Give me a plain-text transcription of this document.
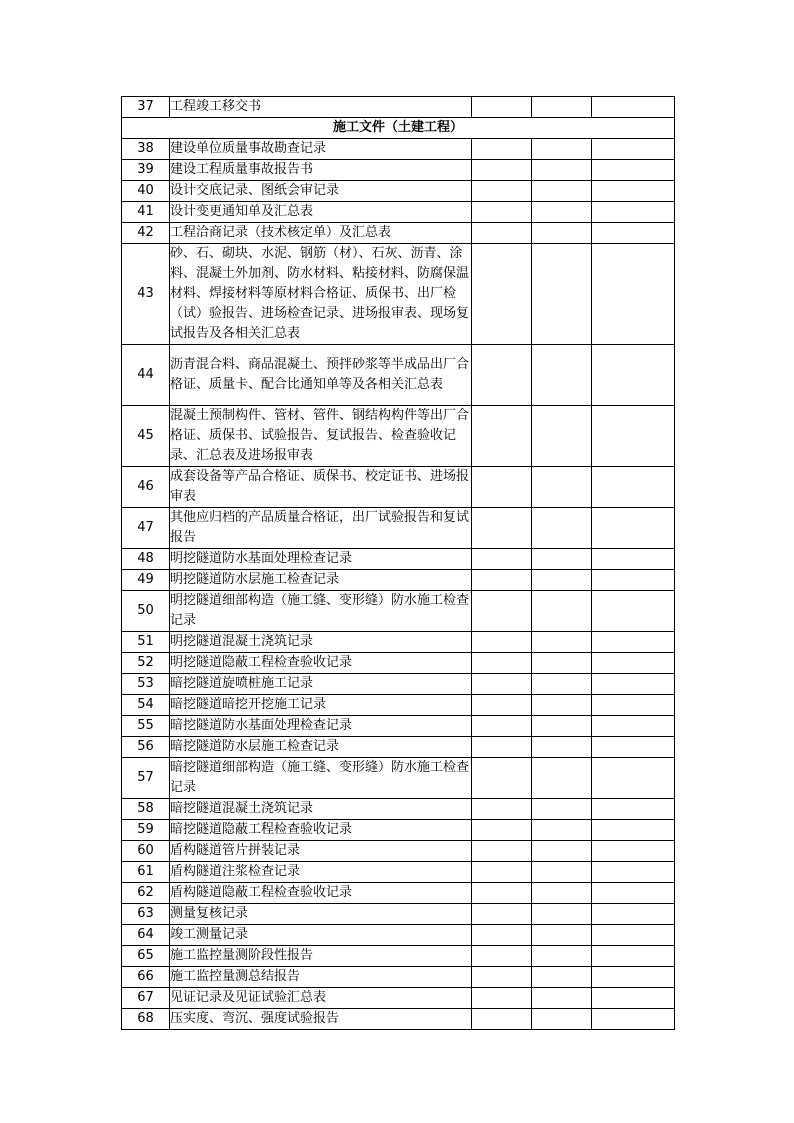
37	工程竣工移交书			
施工文件（土建工程）				
38	建设单位质量事故勘查记录			
39	建设工程质量事故报告书			
40	设计交底记录、图纸会审记录			
41	设计变更通知单及汇总表			
42	工程洽商记录（技术核定单）及汇总表			
43	砂、石、砌块、水泥、钢筋（材）、石灰、沥青、涂料、混凝土外加剂、防水材料、粘接材料、防腐保温材料、焊接材料等原材料合格证、质保书、出厂检（试）验报告、进场检查记录、进场报审表、现场复试报告及各相关汇总表			
44	沥青混合料、商品混凝土、预拌砂浆等半成品出厂合格证、质量卡、配合比通知单等及各相关汇总表			
45	混凝土预制构件、管材、管件、钢结构构件等出厂合格证、质保书、试验报告、复试报告、检查验收记录、汇总表及进场报审表			
46	成套设备等产品合格证、质保书、校定证书、进场报审表			
47	其他应归档的产品质量合格证，出厂试验报告和复试报告			
48	明挖隧道防水基面处理检查记录			
49	明挖隧道防水层施工检查记录			
50	明挖隧道细部构造（施工缝、变形缝）防水施工检查记录			
51	明挖隧道混凝土浇筑记录			
52	明挖隧道隐蔽工程检查验收记录			
53	暗挖隧道旋喷桩施工记录			
54	暗挖隧道暗挖开挖施工记录			
55	暗挖隧道防水基面处理检查记录			
56	暗挖隧道防水层施工检查记录			
57	暗挖隧道细部构造（施工缝、变形缝）防水施工检查记录			
58	暗挖隧道混凝土浇筑记录			
59	暗挖隧道隐蔽工程检查验收记录			
60	盾构隧道管片拼装记录			
61	盾构隧道注浆检查记录			
62	盾构隧道隐蔽工程检查验收记录			
63	测量复核记录			
64	竣工测量记录			
65	施工监控量测阶段性报告			
66	施工监控量测总结报告			
67	见证记录及见证试验汇总表			
68	压实度、弯沉、强度试验报告			
